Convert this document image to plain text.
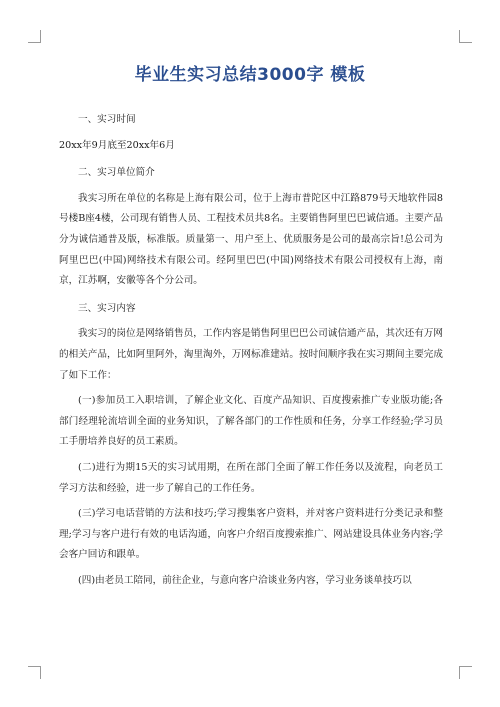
毕业生实习总结3000字 模板

一、实习时间

20xx年9月底至20xx年6月

二、实习单位简介

我实习所在单位的名称是上海有限公司，位于上海市普陀区中江路879号天地软件园8号楼B座4楼，公司现有销售人员、工程技术员共8名。主要销售阿里巴巴诚信通。主要产品分为诚信通普及版，标准版。质量第一、用户至上、优质服务是公司的最高宗旨!总公司为阿里巴巴(中国)网络技术有限公司。经阿里巴巴(中国)网络技术有限公司授权有上海，南京，江苏啊，安徽等各个分公司。

三、实习内容

我实习的岗位是网络销售员，工作内容是销售阿里巴巴公司诚信通产品，其次还有万网的相关产品，比如阿里阿外，淘里淘外，万网标准建站。按时间顺序我在实习期间主要完成了如下工作：

(一)参加员工入职培训，了解企业文化、百度产品知识、百度搜索推广专业版功能;各部门经理轮流培训全面的业务知识，了解各部门的工作性质和任务，分享工作经验;学习员工手册培养良好的员工素质。

(二)进行为期15天的实习试用期，在所在部门全面了解工作任务以及流程，向老员工学习方法和经验，进一步了解自己的工作任务。

(三)学习电话营销的方法和技巧;学习搜集客户资料，并对客户资料进行分类记录和整理;学习与客户进行有效的电话沟通，向客户介绍百度搜索推广、网站建设具体业务内容;学会客户回访和跟单。

(四)由老员工陪同，前往企业，与意向客户洽谈业务内容，学习业务谈单技巧以
